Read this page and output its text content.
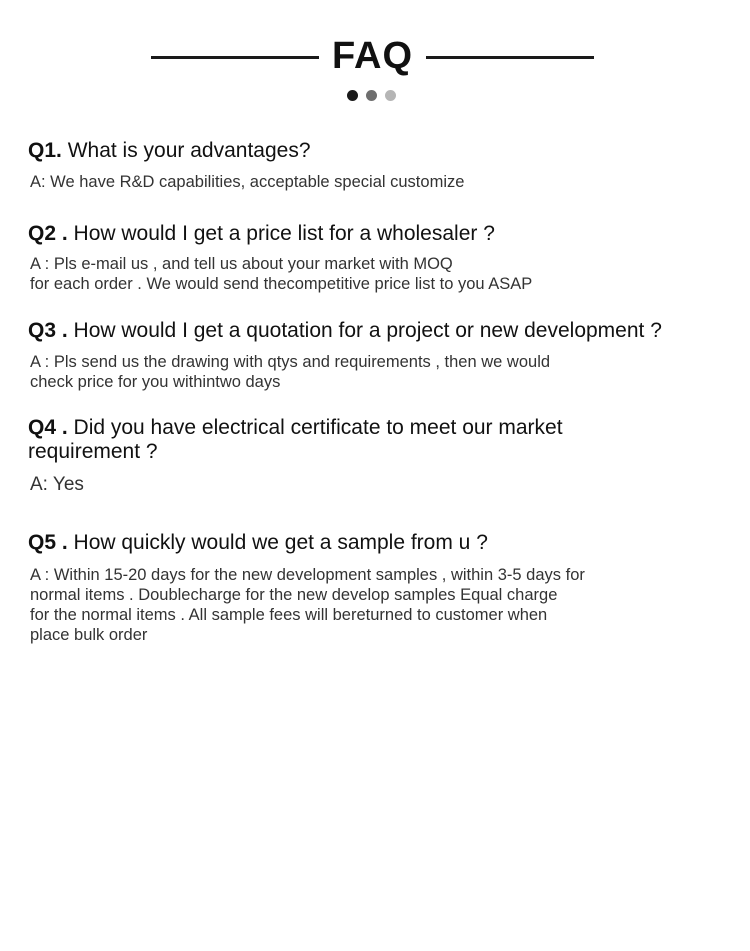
FAQ

Q1. What is your advantages?

A: We have R&D capabilities, acceptable special customize

Q2 . How would I get a price list for a wholesaler ?

A : Pls e-mail us , and tell us about your market with MOQ

for each order . We would send thecompetitive price list to you ASAP

Q3 . How would I get a quotation for a project or new development ?

A : Pls send us the drawing with qtys and requirements , then we would

check price for you withintwo days

Q4 . Did you have electrical certificate to meet our market requirement ?

A: Yes

Q5 . How quickly would we get a sample from u ?

A : Within 15-20 days for the new development samples , within 3-5 days for

normal items . Doublecharge for the new develop samples Equal charge

for the normal items . All sample fees will bereturned to customer when

place bulk order
